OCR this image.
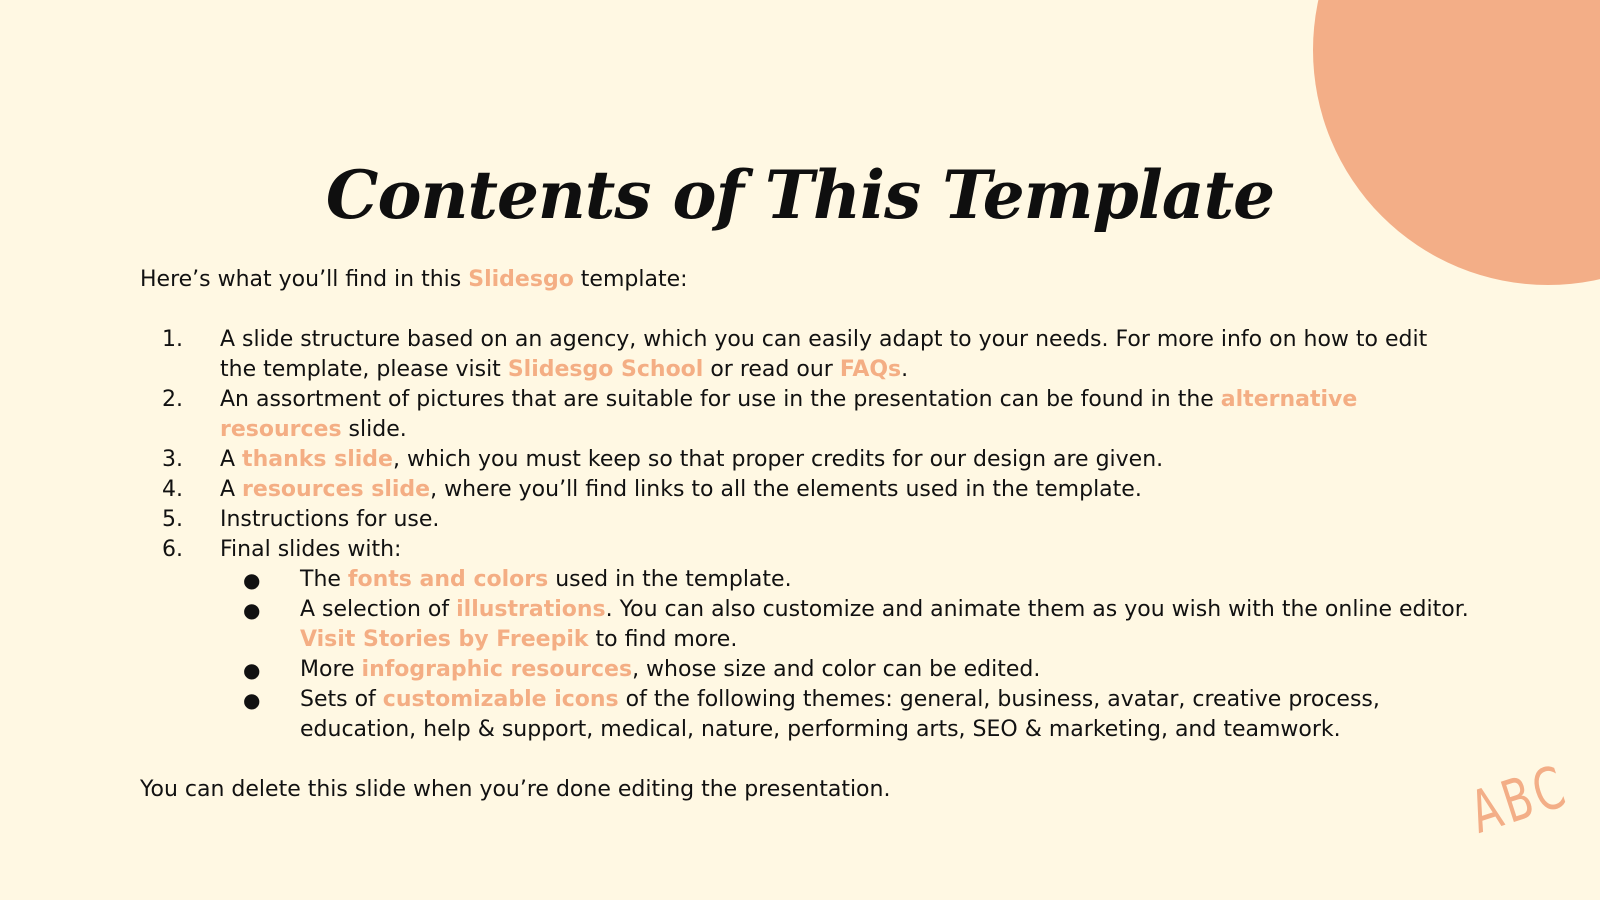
Contents of This Template

Here’s what you’ll find in this Slidesgo template:

1.	A slide structure based on an agency, which you can easily adapt to your needs. For more info on how to edit the template, please visit Slidesgo School or read our FAQs.
2.	An assortment of pictures that are suitable for use in the presentation can be found in the alternative resources slide.
3.	A thanks slide, which you must keep so that proper credits for our design are given.
4.	A resources slide, where you’ll find links to all the elements used in the template.
5.	Instructions for use.
6.	Final slides with:
●	The fonts and colors used in the template.
●	A selection of illustrations. You can also customize and animate them as you wish with the online editor. Visit Stories by Freepik to find more.
●	More infographic resources, whose size and color can be edited.
●	Sets of customizable icons of the following themes: general, business, avatar, creative process, education, help & support, medical, nature, performing arts, SEO & marketing, and teamwork.

You can delete this slide when you’re done editing the presentation.	ABC
